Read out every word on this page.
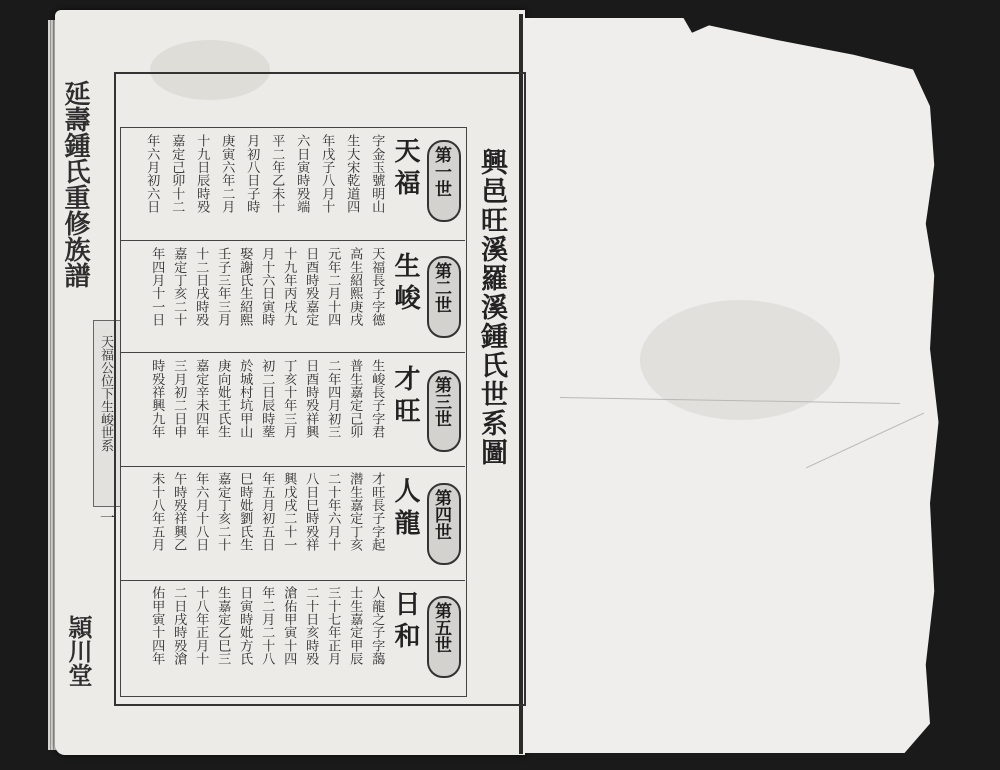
延壽鍾氏重修族譜
天福公位下生峻世系
一
頴川堂
興邑旺溪羅溪鍾氏世系圖
第一世
天福
字金玉號明山
生大宋乾道四
年戊子八月十
六日寅時殁端
平二年乙未十
月初八日子時
庚寅六年二月
十九日辰時殁
嘉定己卯十二
年六月初六日
第二世
生峻
天福長子字德
高生紹熙庚戌
元年二月十四
日酉時殁嘉定
十九年丙戌九
月十六日寅時
娶謝氏生紹熙
壬子三年三月
十二日戌時殁
嘉定丁亥二十
年四月十一日
第三世
才旺
生峻長子字君
普生嘉定己卯
二年四月初三
日酉時殁祥興
丁亥十年三月
初二日辰時塟
於城村坑甲山
庚向妣王氏生
嘉定辛未四年
三月初二日申
時殁祥興九年
第四世
人龍
才旺長子字起
潜生嘉定丁亥
二十年六月十
八日巳時殁祥
興戊戌二十一
年五月初五日
巳時妣劉氏生
嘉定丁亥二十
年六月十八日
午時殁祥興乙
未十八年五月
第五世
日和
人龍之子字藹
士生嘉定甲辰
三十七年正月
二十日亥時殁
滄佑甲寅十四
年二月二十八
日寅時妣方氏
生嘉定乙巳三
十八年正月十
二日戌時殁滄
佑甲寅十四年
